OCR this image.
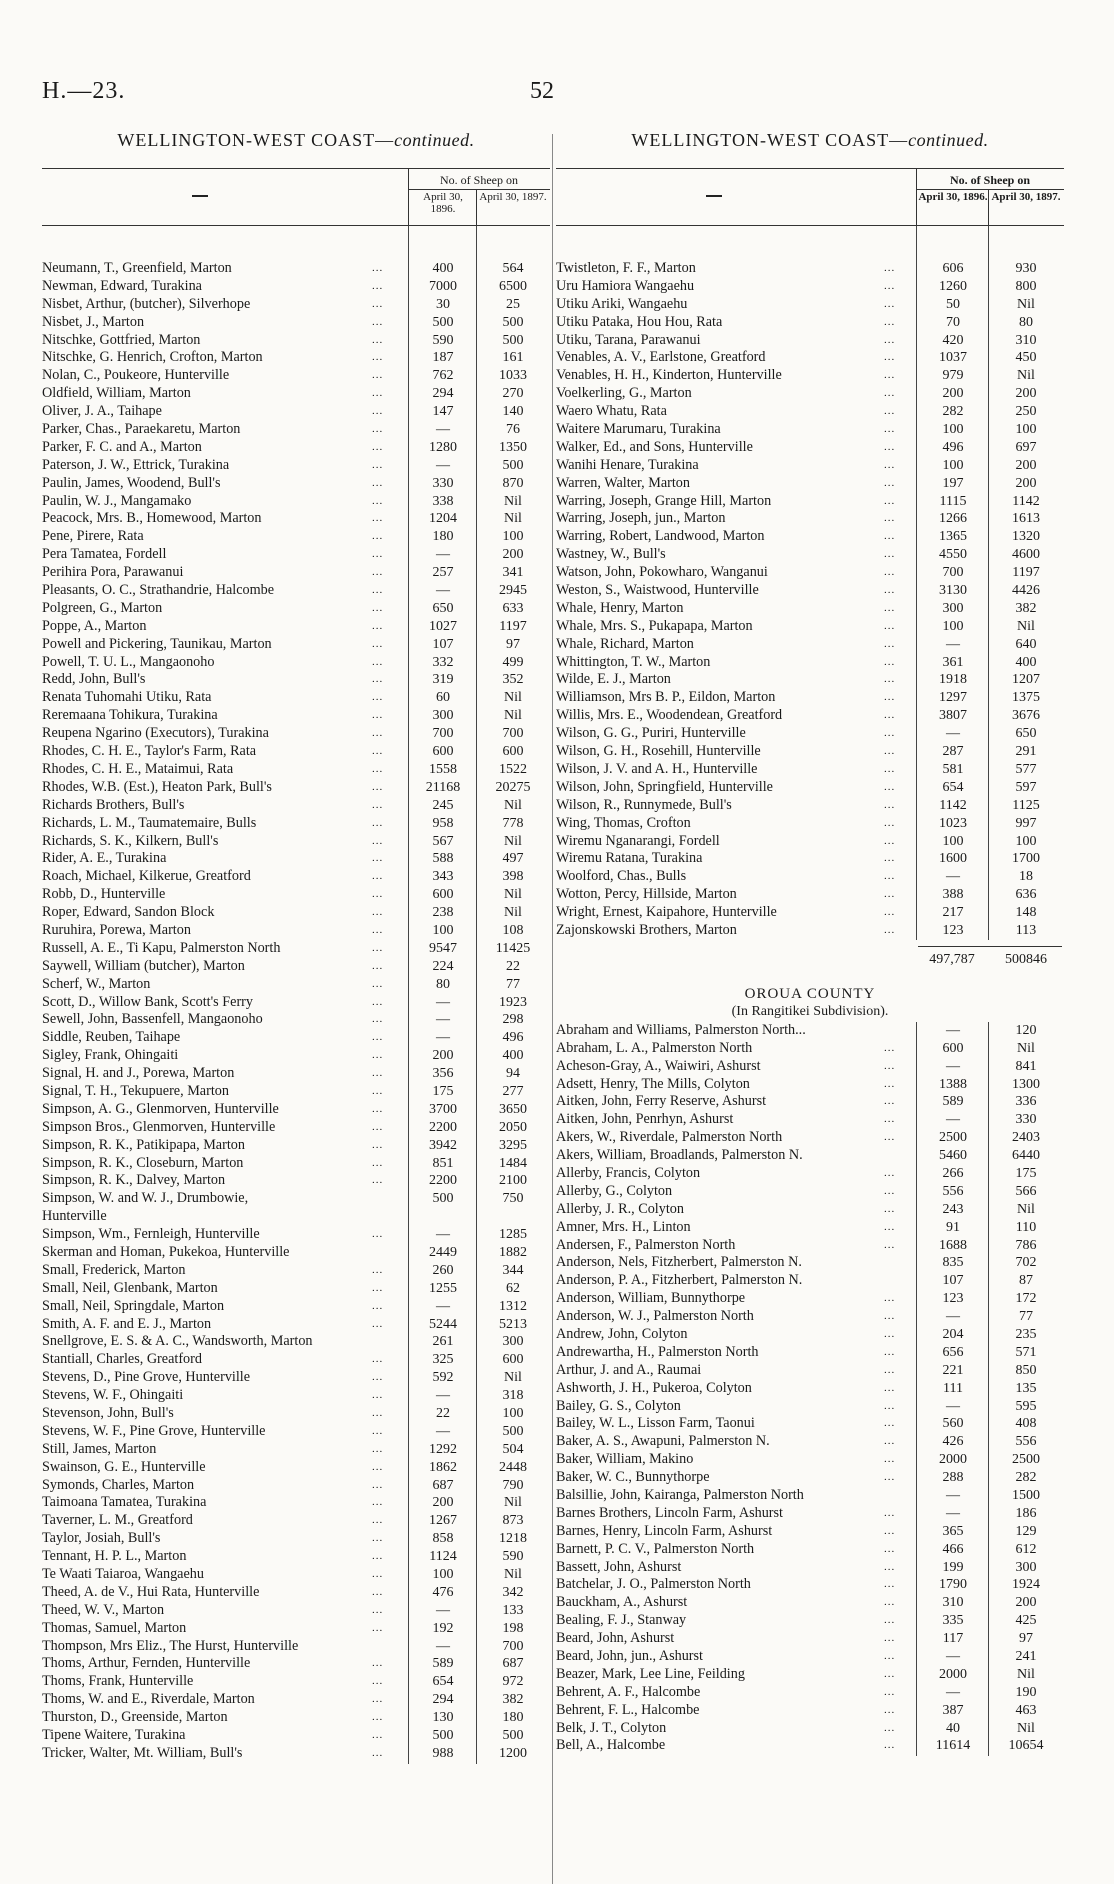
H.—23.	52
WELLINGTON-WEST COAST—continued.
No. of Sheep on
April 30, 1896.
April 30, 1897.
Neumann, T., Greenfield, Marton	...	400	564
Newman, Edward, Turakina	...	7000	6500
Nisbet, Arthur, (butcher), Silverhope	...	30	25
Nisbet, J., Marton	...	500	500
Nitschke, Gottfried, Marton	...	590	500
Nitschke, G. Henrich, Crofton, Marton	...	187	161
Nolan, C., Poukeore, Hunterville	...	762	1033
Oldfield, William, Marton	...	294	270
Oliver, J. A., Taihape	...	147	140
Parker, Chas., Paraekaretu, Marton	...	—	76
Parker, F. C. and A., Marton	...	1280	1350
Paterson, J. W., Ettrick, Turakina	...	—	500
Paulin, James, Woodend, Bull's	...	330	870
Paulin, W. J., Mangamako	...	338	Nil
Peacock, Mrs. B., Homewood, Marton	...	1204	Nil
Pene, Pirere, Rata	...	180	100
Pera Tamatea, Fordell	...	—	200
Perihira Pora, Parawanui	...	257	341
Pleasants, O. C., Strathandrie, Halcombe	...	—	2945
Polgreen, G., Marton	...	650	633
Poppe, A., Marton	...	1027	1197
Powell and Pickering, Taunikau, Marton	...	107	97
Powell, T. U. L., Mangaonoho	...	332	499
Redd, John, Bull's	...	319	352
Renata Tuhomahi Utiku, Rata	...	60	Nil
Reremaana Tohikura, Turakina	...	300	Nil
Reupena Ngarino (Executors), Turakina	...	700	700
Rhodes, C. H. E., Taylor's Farm, Rata	...	600	600
Rhodes, C. H. E., Mataimui, Rata	...	1558	1522
Rhodes, W.B. (Est.), Heaton Park, Bull's	...	21168	20275
Richards Brothers, Bull's	...	245	Nil
Richards, L. M., Taumatemaire, Bulls	...	958	778
Richards, S. K., Kilkern, Bull's	...	567	Nil
Rider, A. E., Turakina	...	588	497
Roach, Michael, Kilkerue, Greatford	...	343	398
Robb, D., Hunterville	...	600	Nil
Roper, Edward, Sandon Block	...	238	Nil
Ruruhira, Porewa, Marton	...	100	108
Russell, A. E., Ti Kapu, Palmerston North	...	9547	11425
Saywell, William (butcher), Marton	...	224	22
Scherf, W., Marton	...	80	77
Scott, D., Willow Bank, Scott's Ferry	...	—	1923
Sewell, John, Bassenfell, Mangaonoho	...	—	298
Siddle, Reuben, Taihape	...	—	496
Sigley, Frank, Ohingaiti	...	200	400
Signal, H. and J., Porewa, Marton	...	356	94
Signal, T. H., Tekupuere, Marton	...	175	277
Simpson, A. G., Glenmorven, Hunterville	...	3700	3650
Simpson Bros., Glenmorven, Hunterville	...	2200	2050
Simpson, R. K., Patikipapa, Marton	...	3942	3295
Simpson, R. K., Closeburn, Marton	...	851	1484
Simpson, R. K., Dalvey, Marton	...	2200	2100
Simpson, W. and W. J., Drumbowie,	500	750
Hunterville
Simpson, Wm., Fernleigh, Hunterville	...	—	1285
Skerman and Homan, Pukekoa, Hunterville	2449	1882
Small, Frederick, Marton	...	260	344
Small, Neil, Glenbank, Marton	...	1255	62
Small, Neil, Springdale, Marton	...	—	1312
Smith, A. F. and E. J., Marton	...	5244	5213
Snellgrove, E. S. & A. C., Wandsworth, Marton	261	300
Stantiall, Charles, Greatford	...	325	600
Stevens, D., Pine Grove, Hunterville	...	592	Nil
Stevens, W. F., Ohingaiti	...	—	318
Stevenson, John, Bull's	...	22	100
Stevens, W. F., Pine Grove, Hunterville	...	—	500
Still, James, Marton	...	1292	504
Swainson, G. E., Hunterville	...	1862	2448
Symonds, Charles, Marton	...	687	790
Taimoana Tamatea, Turakina	...	200	Nil
Taverner, L. M., Greatford	...	1267	873
Taylor, Josiah, Bull's	...	858	1218
Tennant, H. P. L., Marton	...	1124	590
Te Waati Taiaroa, Wangaehu	...	100	Nil
Theed, A. de V., Hui Rata, Hunterville	...	476	342
Theed, W. V., Marton	...	—	133
Thomas, Samuel, Marton	...	192	198
Thompson, Mrs Eliz., The Hurst, Hunterville	—	700
Thoms, Arthur, Fernden, Hunterville	...	589	687
Thoms, Frank, Hunterville	...	654	972
Thoms, W. and E., Riverdale, Marton	...	294	382
Thurston, D., Greenside, Marton	...	130	180
Tipene Waitere, Turakina	...	500	500
Tricker, Walter, Mt. William, Bull's	...	988	1200
WELLINGTON-WEST COAST—continued.
No. of Sheep on
April 30, 1896. April 30, 1897.
Twistleton, F. F., Marton	...	606	930
Uru Hamiora Wangaehu	...	1260	800
Utiku Ariki, Wangaehu	...	50	Nil
Utiku Pataka, Hou Hou, Rata	...	70	80
Utiku, Tarana, Parawanui	...	420	310
Venables, A. V., Earlstone, Greatford	...	1037	450
Venables, H. H., Kinderton, Hunterville	...	979	Nil
Voelkerling, G., Marton	...	200	200
Waero Whatu, Rata	...	282	250
Waitere Marumaru, Turakina	...	100	100
Walker, Ed., and Sons, Hunterville	...	496	697
Wanihi Henare, Turakina	...	100	200
Warren, Walter, Marton	...	197	200
Warring, Joseph, Grange Hill, Marton	...	1115	1142
Warring, Joseph, jun., Marton	...	1266	1613
Warring, Robert, Landwood, Marton	...	1365	1320
Wastney, W., Bull's	...	4550	4600
Watson, John, Pokowharo, Wanganui	...	700	1197
Weston, S., Waistwood, Hunterville	...	3130	4426
Whale, Henry, Marton	...	300	382
Whale, Mrs. S., Pukapapa, Marton	...	100	Nil
Whale, Richard, Marton	...	—	640
Whittington, T. W., Marton	...	361	400
Wilde, E. J., Marton	...	1918	1207
Williamson, Mrs B. P., Eildon, Marton	...	1297	1375
Willis, Mrs. E., Woodendean, Greatford	...	3807	3676
Wilson, G. G., Puriri, Hunterville	...	—	650
Wilson, G. H., Rosehill, Hunterville	...	287	291
Wilson, J. V. and A. H., Hunterville	...	581	577
Wilson, John, Springfield, Hunterville	...	654	597
Wilson, R., Runnymede, Bull's	...	1142	1125
Wing, Thomas, Crofton	...	1023	997
Wiremu Nganarangi, Fordell	...	100	100
Wiremu Ratana, Turakina	...	1600	1700
Woolford, Chas., Bulls	...	—	18
Wotton, Percy, Hillside, Marton	...	388	636
Wright, Ernest, Kaipahore, Hunterville	...	217	148
Zajonskowski Brothers, Marton	...	123	113
497,787	500846
OROUA COUNTY
(In Rangitikei Subdivision).
Abraham and Williams, Palmerston North...	—	120
Abraham, L. A., Palmerston North	...	600	Nil
Acheson-Gray, A., Waiwiri, Ashurst	...	—	841
Adsett, Henry, The Mills, Colyton	...	1388	1300
Aitken, John, Ferry Reserve, Ashurst	...	589	336
Aitken, John, Penrhyn, Ashurst	...	—	330
Akers, W., Riverdale, Palmerston North	...	2500	2403
Akers, William, Broadlands, Palmerston N.	5460	6440
Allerby, Francis, Colyton	...	266	175
Allerby, G., Colyton	...	556	566
Allerby, J. R., Colyton	...	243	Nil
Amner, Mrs. H., Linton	...	91	110
Andersen, F., Palmerston North	...	1688	786
Anderson, Nels, Fitzherbert, Palmerston N.	835	702
Anderson, P. A., Fitzherbert, Palmerston N.	107	87
Anderson, William, Bunnythorpe	...	123	172
Anderson, W. J., Palmerston North	...	—	77
Andrew, John, Colyton	...	204	235
Andrewartha, H., Palmerston North	...	656	571
Arthur, J. and A., Raumai	...	221	850
Ashworth, J. H., Pukeroa, Colyton	...	111	135
Bailey, G. S., Colyton	...	—	595
Bailey, W. L., Lisson Farm, Taonui	...	560	408
Baker, A. S., Awapuni, Palmerston N.	...	426	556
Baker, William, Makino	...	2000	2500
Baker, W. C., Bunnythorpe	...	288	282
Balsillie, John, Kairanga, Palmerston North	—	1500
Barnes Brothers, Lincoln Farm, Ashurst	...	—	186
Barnes, Henry, Lincoln Farm, Ashurst	...	365	129
Barnett, P. C. V., Palmerston North	...	466	612
Bassett, John, Ashurst	...	199	300
Batchelar, J. O., Palmerston North	...	1790	1924
Bauckham, A., Ashurst	...	310	200
Bealing, F. J., Stanway	...	335	425
Beard, John, Ashurst	...	117	97
Beard, John, jun., Ashurst	...	—	241
Beazer, Mark, Lee Line, Feilding	...	2000	Nil
Behrent, A. F., Halcombe	...	—	190
Behrent, F. L., Halcombe	...	387	463
Belk, J. T., Colyton	...	40	Nil
Bell, A., Halcombe	...	11614	10654
